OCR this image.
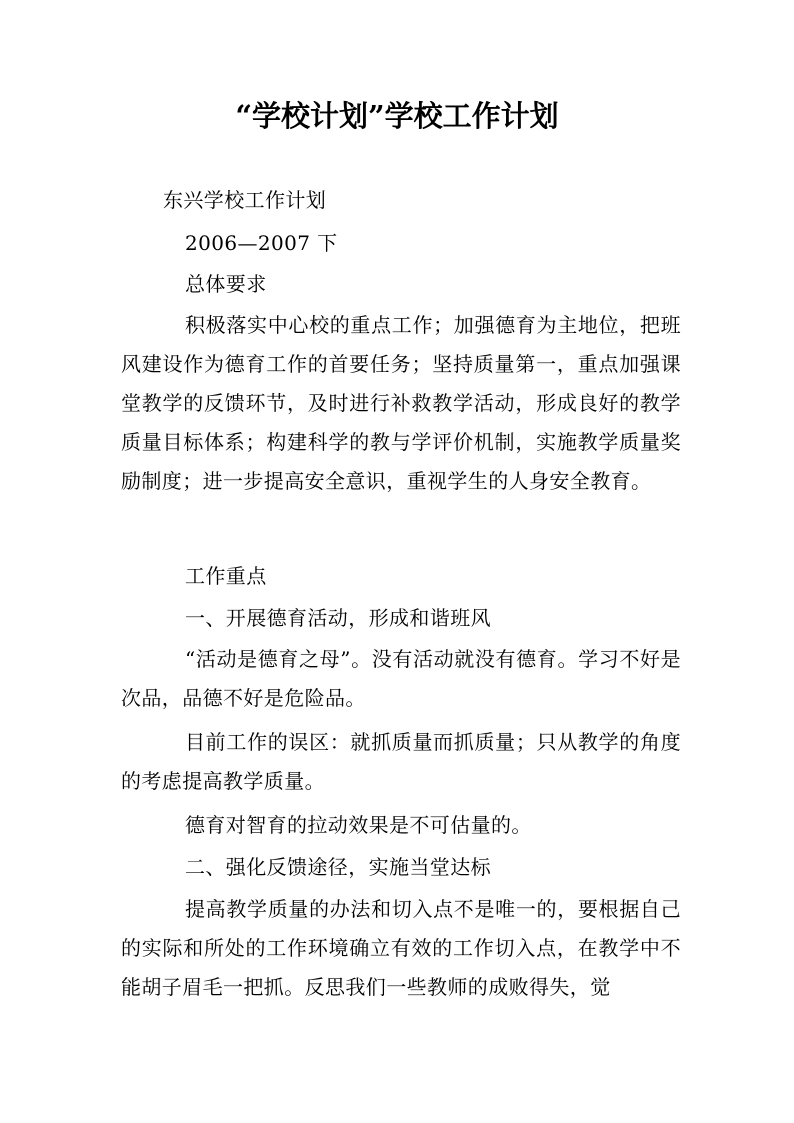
“学校计划”学校工作计划
东兴学校工作计划
2006—2007 下
总体要求
积极落实中心校的重点工作；加强德育为主地位，把班风建设作为德育工作的首要任务；坚持质量第一，重点加强课堂教学的反馈环节，及时进行补救教学活动，形成良好的教学质量目标体系；构建科学的教与学评价机制，实施教学质量奖励制度；进一步提高安全意识，重视学生的人身安全教育。
工作重点
一、开展德育活动，形成和谐班风
“活动是德育之母”。没有活动就没有德育。学习不好是次品，品德不好是危险品。
目前工作的误区：就抓质量而抓质量；只从教学的角度的考虑提高教学质量。
德育对智育的拉动效果是不可估量的。
二、强化反馈途径，实施当堂达标
提高教学质量的办法和切入点不是唯一的，要根据自己的实际和所处的工作环境确立有效的工作切入点，在教学中不能胡子眉毛一把抓。反思我们一些教师的成败得失，觉
